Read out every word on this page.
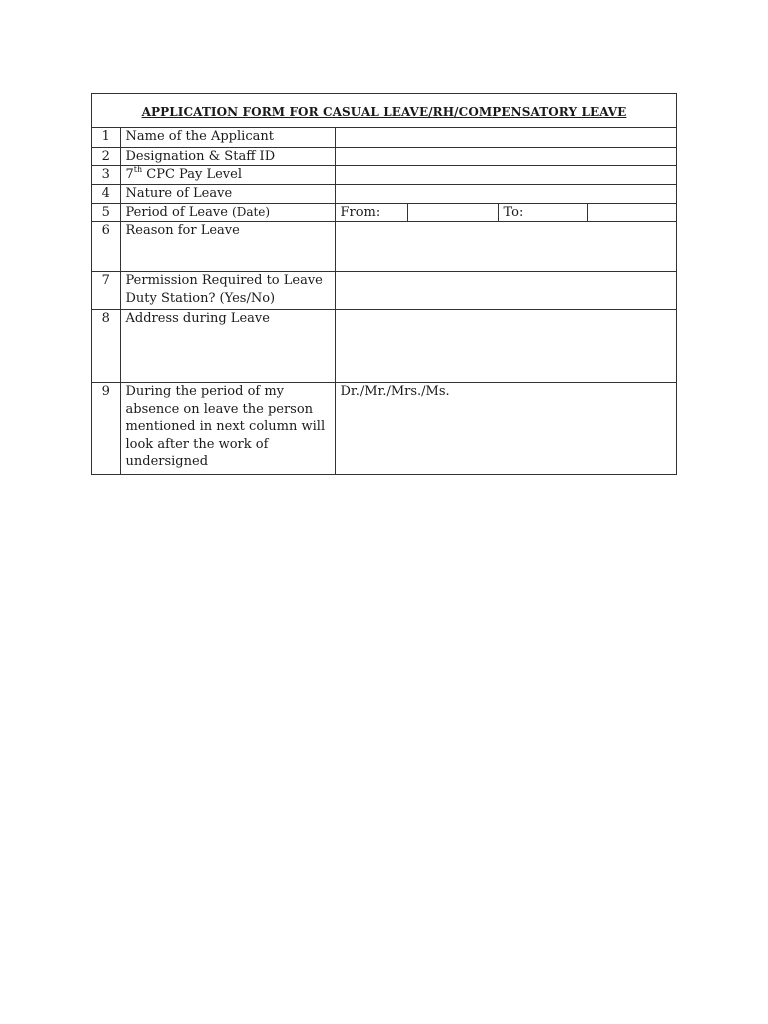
APPLICATION FORM FOR CASUAL LEAVE/RH/COMPENSATORY LEAVE
1	Name of the Applicant				
2	Designation & Staff ID				
3	7th CPC Pay Level				
4	Nature of Leave				
5	Period of Leave (Date)	From:		To:	
6	Reason for Leave				
7	Permission Required to Leave Duty Station? (Yes/No)				
8	Address during Leave				
9	During the period of my absence on leave the person mentioned in next column will look after the work of undersigned	Dr./Mr./Mrs./Ms.			
